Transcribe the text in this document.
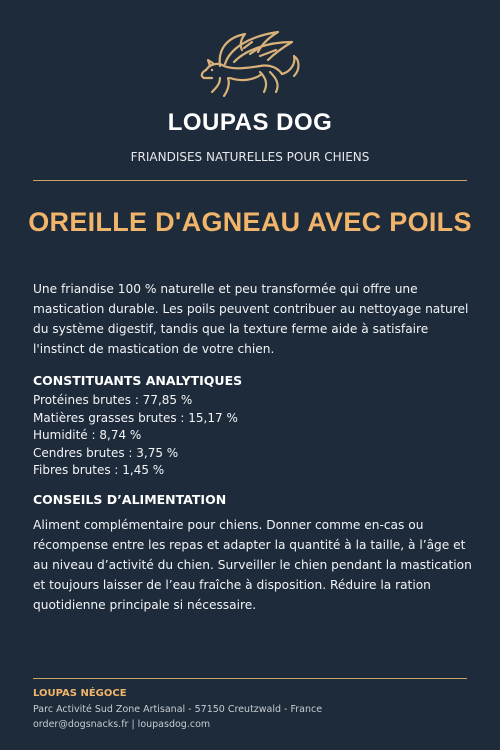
LOUPAS DOG
FRIANDISES NATURELLES POUR CHIENS
OREILLE D'AGNEAU AVEC POILS
Une friandise 100 % naturelle et peu transformée qui offre une mastication durable. Les poils peuvent contribuer au nettoyage naturel du système digestif, tandis que la texture ferme aide à satisfaire l'instinct de mastication de votre chien.
CONSTITUANTS ANALYTIQUES
Protéines brutes : 77,85 %
Matières grasses brutes : 15,17 %
Humidité : 8,74 %
Cendres brutes : 3,75 %
Fibres brutes : 1,45 %
CONSEILS D’ALIMENTATION
Aliment complémentaire pour chiens. Donner comme en-cas ou récompense entre les repas et adapter la quantité à la taille, à l’âge et au niveau d’activité du chien. Surveiller le chien pendant la mastication et toujours laisser de l’eau fraîche à disposition. Réduire la ration quotidienne principale si nécessaire.
LOUPAS NÉGOCE
Parc Activité Sud Zone Artisanal - 57150 Creutzwald - France
order@dogsnacks.fr | loupasdog.com
